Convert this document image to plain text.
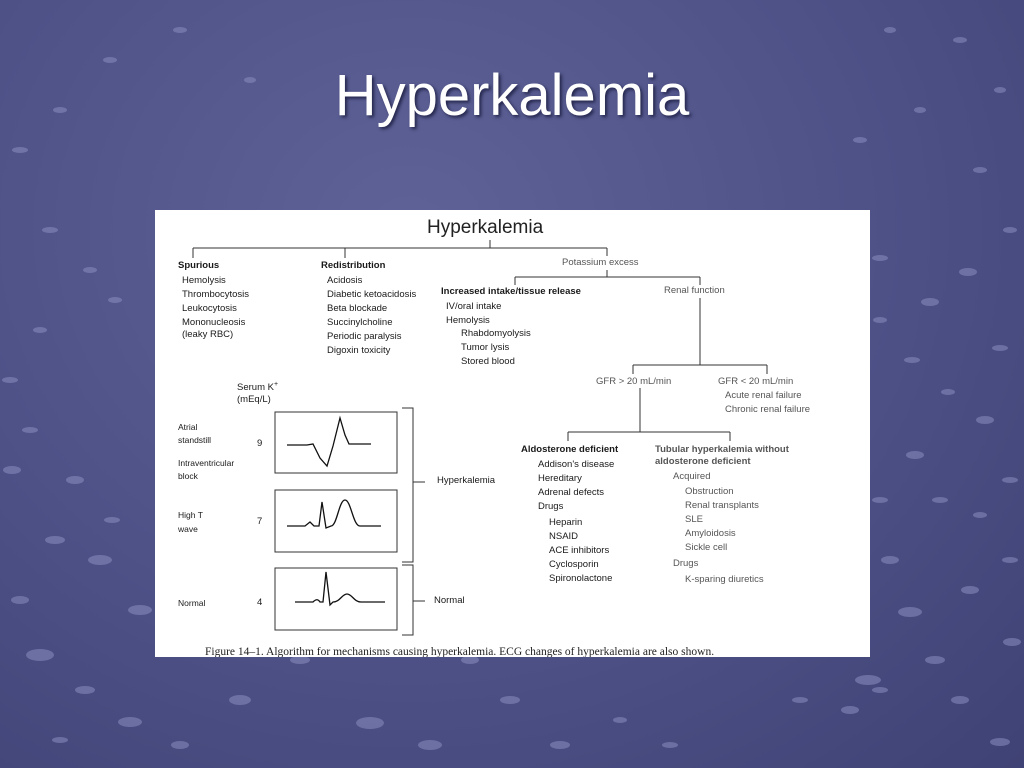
Hyperkalemia
Hyperkalemia
Spurious
Hemolysis
Thrombocytosis
Leukocytosis
Mononucleosis
(leaky RBC)
Redistribution
Acidosis
Diabetic ketoacidosis
Beta blockade
Succinylcholine
Periodic paralysis
Digoxin toxicity
Potassium excess
Increased intake/tissue release
IV/oral intake
Hemolysis
Rhabdomyolysis
Tumor lysis
Stored blood
Renal function
GFR > 20 mL/min	GFR < 20 mL/min
Acute renal failure
Chronic renal failure
Aldosterone deficient
Addison's disease
Hereditary
Adrenal defects
Drugs
Heparin
NSAID
ACE inhibitors
Cyclosporin
Spironolactone
Tubular hyperkalemia without
aldosterone deficient
Acquired
Obstruction
Renal transplants
SLE
Amyloidosis
Sickle cell
Drugs
K-sparing diuretics
Serum K+
(mEq/L)
Atrial
standstill	9
Intraventricular
block
High T
wave
7
Normal	4
Hyperkalemia
Normal
Figure 14–1. Algorithm for mechanisms causing hyperkalemia. ECG changes of hyperkalemia are also shown.
